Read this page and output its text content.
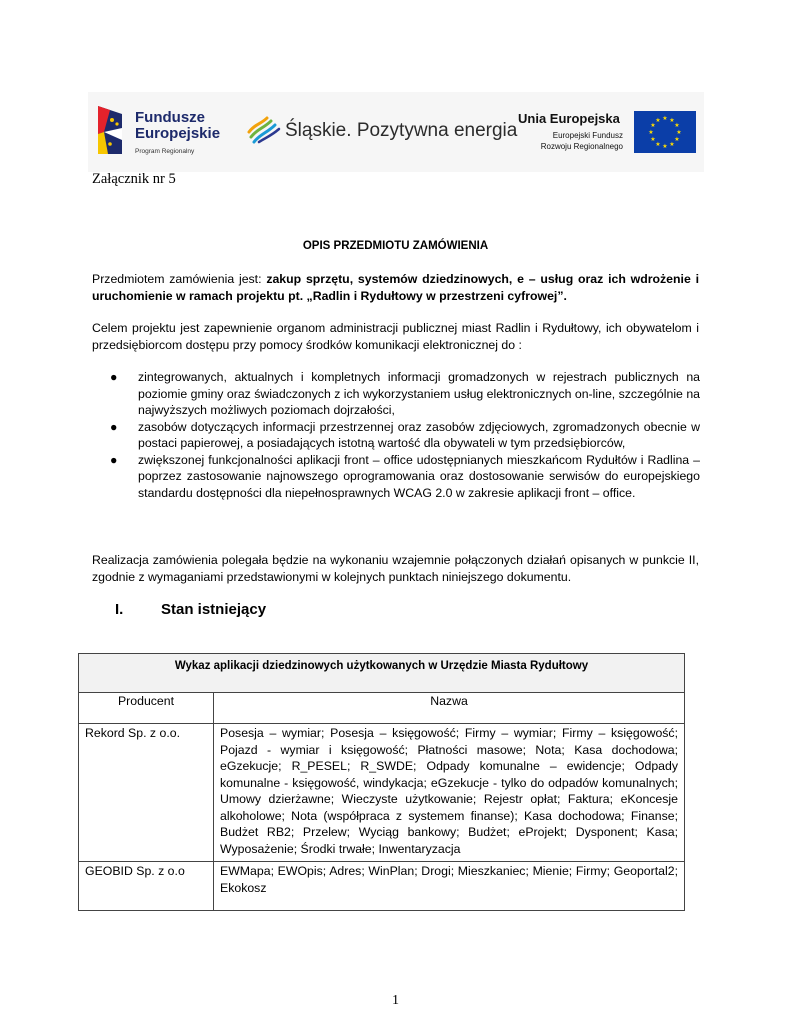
Fundusze
Europejskie
Program Regionalny
Śląskie. Pozytywna energia
Unia Europejska
Europejski Fundusz
Rozwoju Regionalnego
★ ★
★
★
★
★
★
★
★
★
★
★
Załącznik nr 5
OPIS PRZEDMIOTU ZAMÓWIENIA
Przedmiotem zamówienia jest: zakup sprzętu, systemów dziedzinowych, e – usług oraz ich wdrożenie i uruchomienie w ramach projektu pt. „Radlin i Rydułtowy w przestrzeni cyfrowej”.
Celem projektu jest zapewnienie organom administracji publicznej miast Radlin i Rydułtowy, ich obywatelom i przedsiębiorcom dostępu przy pomocy środków komunikacji elektronicznej do :
● zintegrowanych, aktualnych i kompletnych informacji gromadzonych w rejestrach publicznych na poziomie gminy oraz świadczonych z ich wykorzystaniem usług elektronicznych on-line, szczególnie na najwyższych możliwych poziomach dojrzałości,
● zasobów dotyczących informacji przestrzennej oraz zasobów zdjęciowych, zgromadzonych obecnie w postaci papierowej, a posiadających istotną wartość dla obywateli w tym przedsiębiorców,
● zwiększonej funkcjonalności aplikacji front – office udostępnianych mieszkańcom Rydułtów i Radlina – poprzez zastosowanie najnowszego oprogramowania oraz dostosowanie serwisów do europejskiego standardu dostępności dla niepełnosprawnych WCAG 2.0 w zakresie aplikacji front – office.
Realizacja zamówienia polegała będzie na wykonaniu wzajemnie połączonych działań opisanych w punkcie II, zgodnie z wymaganiami przedstawionymi w kolejnych punktach niniejszego dokumentu.
I.	Stan istniejący
Wykaz aplikacji dziedzinowych użytkowanych w Urzędzie Miasta Rydułtowy	
Producent	Nazwa
Rekord Sp. z o.o.	Posesja – wymiar; Posesja – księgowość; Firmy – wymiar; Firmy – księgowość; Pojazd - wymiar i księgowość; Płatności masowe; Nota; Kasa dochodowa; eGzekucje; R_PESEL; R_SWDE; Odpady komunalne – ewidencje; Odpady komunalne - księgowość, windykacja; eGzekucje - tylko do odpadów komunalnych; Umowy dzierżawne; Wieczyste użytkowanie; Rejestr opłat; Faktura; eKoncesje alkoholowe; Nota (współpraca z systemem finanse); Kasa dochodowa; Finanse; Budżet RB2; Przelew; Wyciąg bankowy; Budżet; eProjekt; Dysponent; Kasa; Wyposażenie; Środki trwałe; Inwentaryzacja
GEOBID Sp. z o.o	EWMapa; EWOpis; Adres; WinPlan; Drogi; Mieszkaniec; Mienie; Firmy; Geoportal2; Ekokosz
1
